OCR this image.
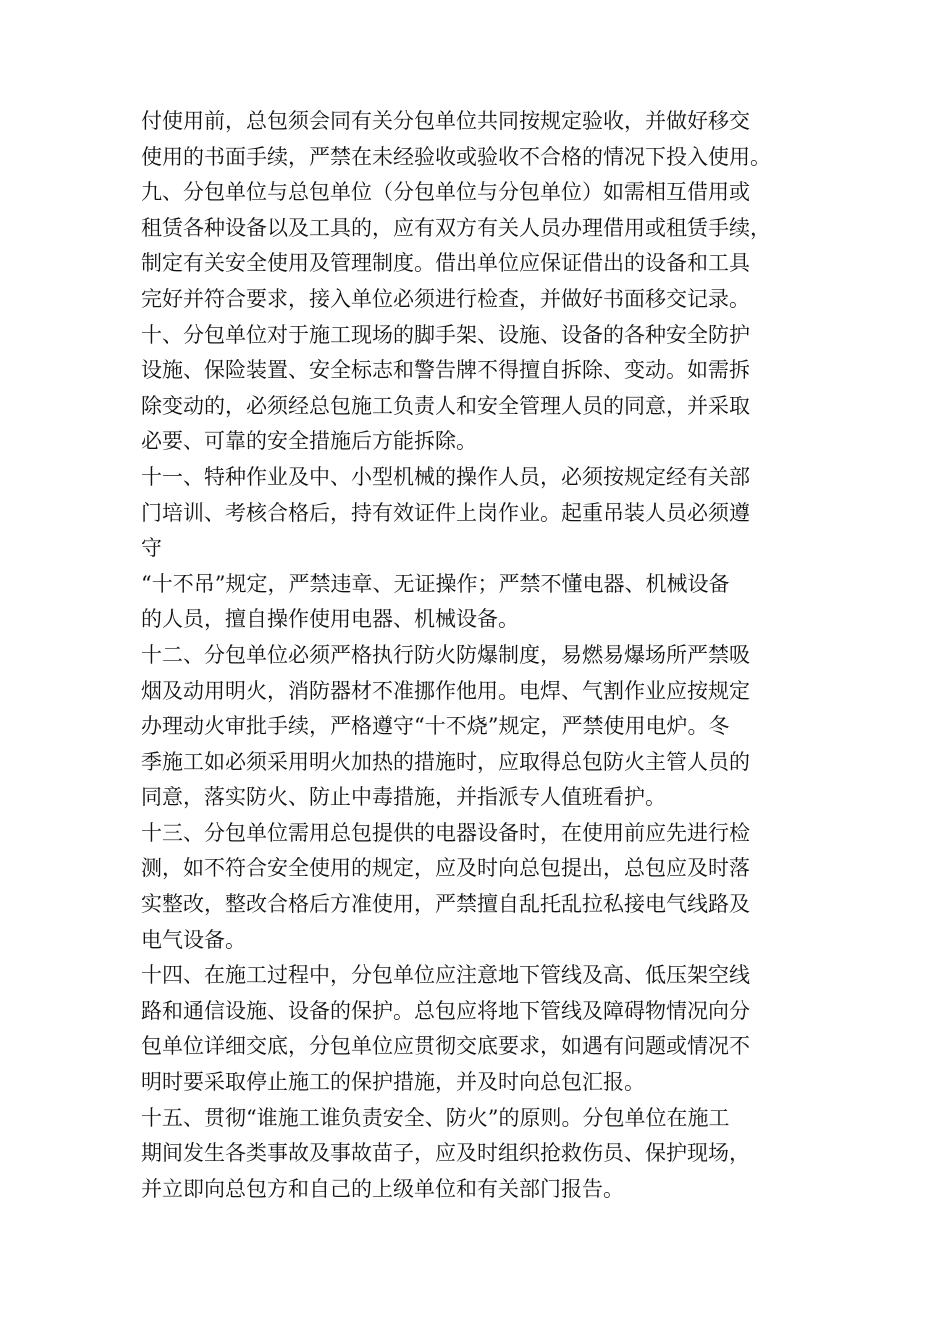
付使用前，总包须会同有关分包单位共同按规定验收，并做好移交
使用的书面手续，严禁在未经验收或验收不合格的情况下投入使用。
九、分包单位与总包单位（分包单位与分包单位）如需相互借用或
租赁各种设备以及工具的，应有双方有关人员办理借用或租赁手续，
制定有关安全使用及管理制度。借出单位应保证借出的设备和工具
完好并符合要求，接入单位必须进行检查，并做好书面移交记录。
十、分包单位对于施工现场的脚手架、设施、设备的各种安全防护
设施、保险装置、安全标志和警告牌不得擅自拆除、变动。如需拆
除变动的，必须经总包施工负责人和安全管理人员的同意，并采取
必要、可靠的安全措施后方能拆除。
十一、特种作业及中、小型机械的操作人员，必须按规定经有关部
门培训、考核合格后，持有效证件上岗作业。起重吊装人员必须遵
守
“十不吊”规定，严禁违章、无证操作；严禁不懂电器、机械设备
的人员，擅自操作使用电器、机械设备。
十二、分包单位必须严格执行防火防爆制度，易燃易爆场所严禁吸
烟及动用明火，消防器材不准挪作他用。电焊、气割作业应按规定
办理动火审批手续，严格遵守“十不烧”规定，严禁使用电炉。冬
季施工如必须采用明火加热的措施时，应取得总包防火主管人员的
同意，落实防火、防止中毒措施，并指派专人值班看护。
十三、分包单位需用总包提供的电器设备时，在使用前应先进行检
测，如不符合安全使用的规定，应及时向总包提出，总包应及时落
实整改，整改合格后方准使用，严禁擅自乱托乱拉私接电气线路及
电气设备。
十四、在施工过程中，分包单位应注意地下管线及高、低压架空线
路和通信设施、设备的保护。总包应将地下管线及障碍物情况向分
包单位详细交底，分包单位应贯彻交底要求，如遇有问题或情况不
明时要采取停止施工的保护措施，并及时向总包汇报。
十五、贯彻“谁施工谁负责安全、防火”的原则。分包单位在施工
期间发生各类事故及事故苗子，应及时组织抢救伤员、保护现场，
并立即向总包方和自己的上级单位和有关部门报告。
